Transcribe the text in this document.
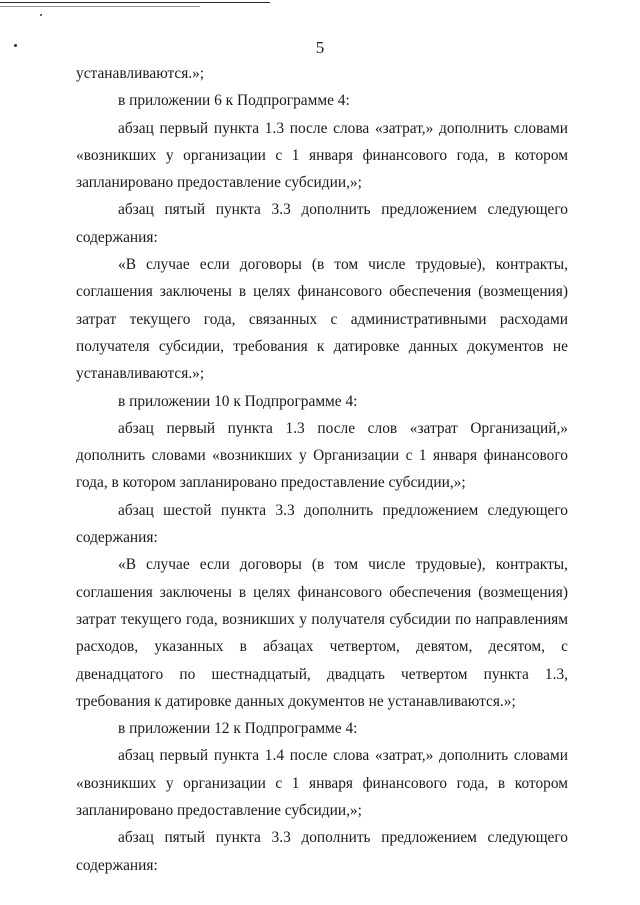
5

устанавливаются.»;

в приложении 6 к Подпрограмме 4:

абзац первый пункта 1.3 после слова «затрат,» дополнить словами «возникших у организации с 1 января финансового года, в котором запланировано предоставление субсидии,»;

абзац пятый пункта 3.3 дополнить предложением следующего содержания:

«В случае если договоры (в том числе трудовые), контракты, соглашения заключены в целях финансового обеспечения (возмещения) затрат текущего года, связанных с административными расходами получателя субсидии, требования к датировке данных документов не устанавливаются.»;

в приложении 10 к Подпрограмме 4:

абзац первый пункта 1.3 после слов «затрат Организаций,» дополнить словами «возникших у Организации с 1 января финансового года, в котором запланировано предоставление субсидии,»;

абзац шестой пункта 3.3 дополнить предложением следующего содержания:

«В случае если договоры (в том числе трудовые), контракты, соглашения заключены в целях финансового обеспечения (возмещения) затрат текущего года, возникших у получателя субсидии по направлениям расходов, указанных в абзацах четвертом, девятом, десятом, с двенадцатого по шестнадцатый, двадцать четвертом пункта 1.3, требования к датировке данных документов не устанавливаются.»;

в приложении 12 к Подпрограмме 4:

абзац первый пункта 1.4 после слова «затрат,» дополнить словами «возникших у организации с 1 января финансового года, в котором запланировано предоставление субсидии,»;

абзац пятый пункта 3.3 дополнить предложением следующего содержания:
